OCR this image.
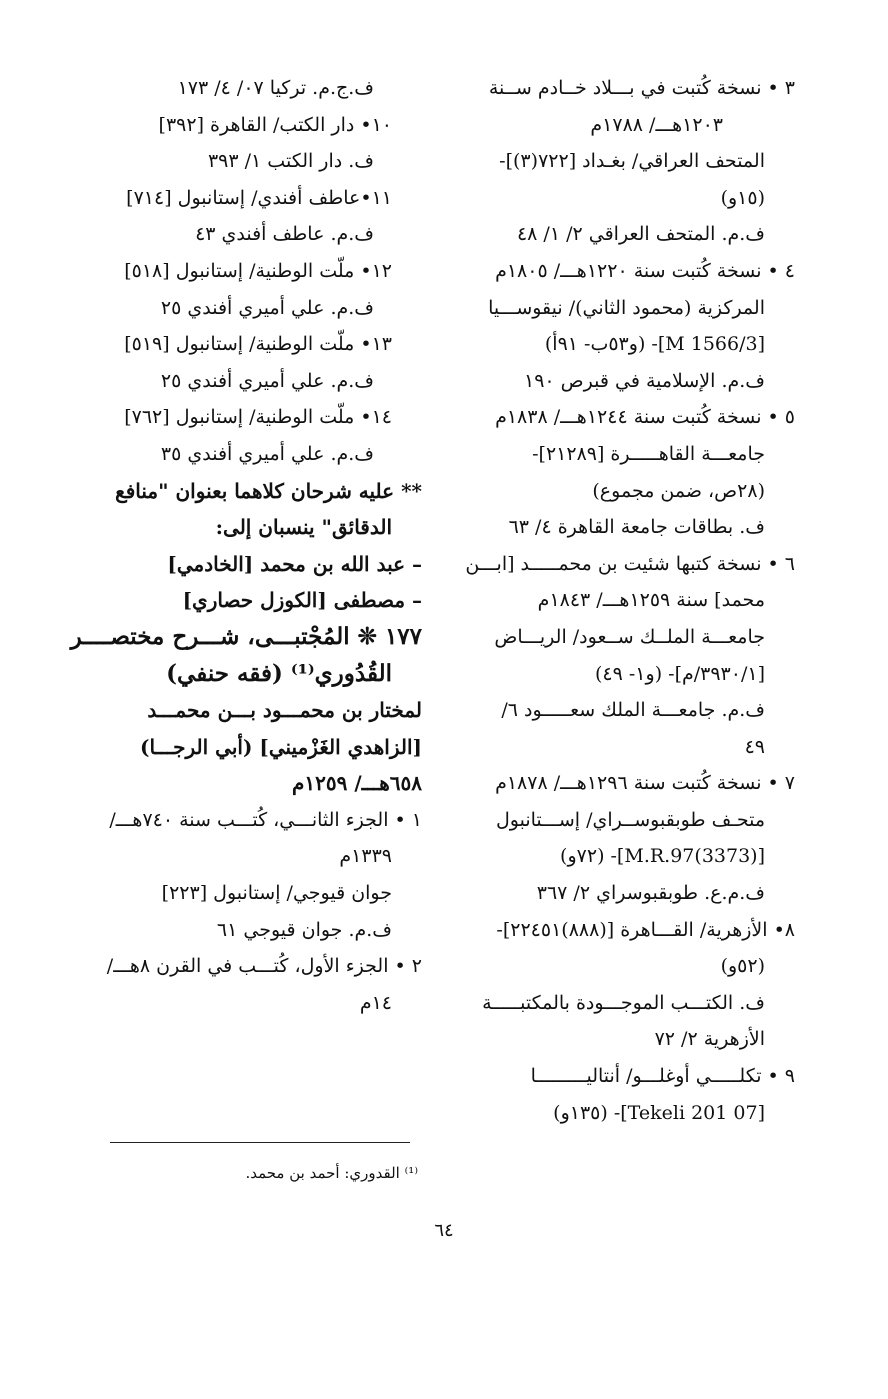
٣ • نسخة كُتبت في بـــلاد خــادم ســنة
١٢٠٣هـــ/ ١٧٨٨م
المتحف العراقي/ بغـداد [٧٢٢(٣)]-
(١٥و)
ف.م. المتحف العراقي ٢/ ١/ ٤٨
٤ • نسخة كُتبت سنة ١٢٢٠هـــ/ ١٨٠٥م
المركزية (محمود الثاني)/ نيقوســـيا
[M 1566/3]- (و٥٣ب- ٩١أ)
ف.م. الإسلامية في قبرص ١٩٠
٥ • نسخة كُتبت سنة ١٢٤٤هـــ/ ١٨٣٨م
جامعـــة القاهـــــرة [٢١٢٨٩]-
(٢٨ص، ضمن مجموع)
ف. بطاقات جامعة القاهرة ٤/ ٦٣
٦ • نسخة كتبها شئيت بن محمـــــد [ابـــن
محمد] سنة ١٢٥٩هـــ/ ١٨٤٣م
جامعـــة الملــك ســعود/ الريـــاض
[٣٩٣٠/١/م]- (و١- ٤٩)
ف.م. جامعـــة الملك سعـــــود ٦/
٤٩
٧ • نسخة كُتبت سنة ١٢٩٦هـــ/ ١٨٧٨م
متحـف طوبقبوســراي/ إســـتانبول
[(3373)M.R.97]- (٧٢و)
ف.م.ع. طوبقبوسراي ٢/ ٣٦٧
٨• الأزهرية/ القـــاهرة [(٨٨٨)٢٢٤٥١]-
(٥٢و)
ف. الكتـــب الموجـــودة بالمكتبـــــة
الأزهرية ٢/ ٧٢
٩ • تكلـــــي أوغلـــو/ أنتاليـــــــــا
[07 Tekeli 201]- (١٣٥و)
ف.ج.م. تركيا ٠٧/ ٤/ ١٧٣
١٠• دار الكتب/ القاهرة [٣٩٢]
ف. دار الكتب ١/ ٣٩٣
١١•عاطف أفندي/ إستانبول [٧١٤]
ف.م. عاطف أفندي ٤٣
١٢• ملّت الوطنية/ إستانبول [٥١٨]
ف.م. علي أميري أفندي ٢٥
١٣• ملّت الوطنية/ إستانبول [٥١٩]
ف.م. علي أميري أفندي ٢٥
١٤• ملّت الوطنية/ إستانبول [٧٦٢]
ف.م. علي أميري أفندي ٣٥
** عليه شرحان كلاهما بعنوان "منافع
الدقائق" ينسبان إلى:
– عبد الله بن محمد [الخادمي]
– مصطفى [الكوزل حصاري]
١٧٧ ❊ المُجْتبـــى، شـــرح مختصــــر
القُدُوري⁽¹⁾ (فقه حنفي)
لمختار بن محمـــود بـــن محمـــد
[الزاهدي الغَزْميني] (أبي الرجـــا)
٦٥٨هـــ/ ١٢٥٩م
١ • الجزء الثانـــي، كُتـــب سنة ٧٤٠هـــ/
١٣٣٩م
جوان قيوجي/ إستانبول [٢٢٣]
ف.م. جوان قيوجي ٦١
٢ • الجزء الأول، كُتـــب في القرن ٨هـــ/
١٤م
⁽¹⁾ القدوري: أحمد بن محمد.
٦٤
